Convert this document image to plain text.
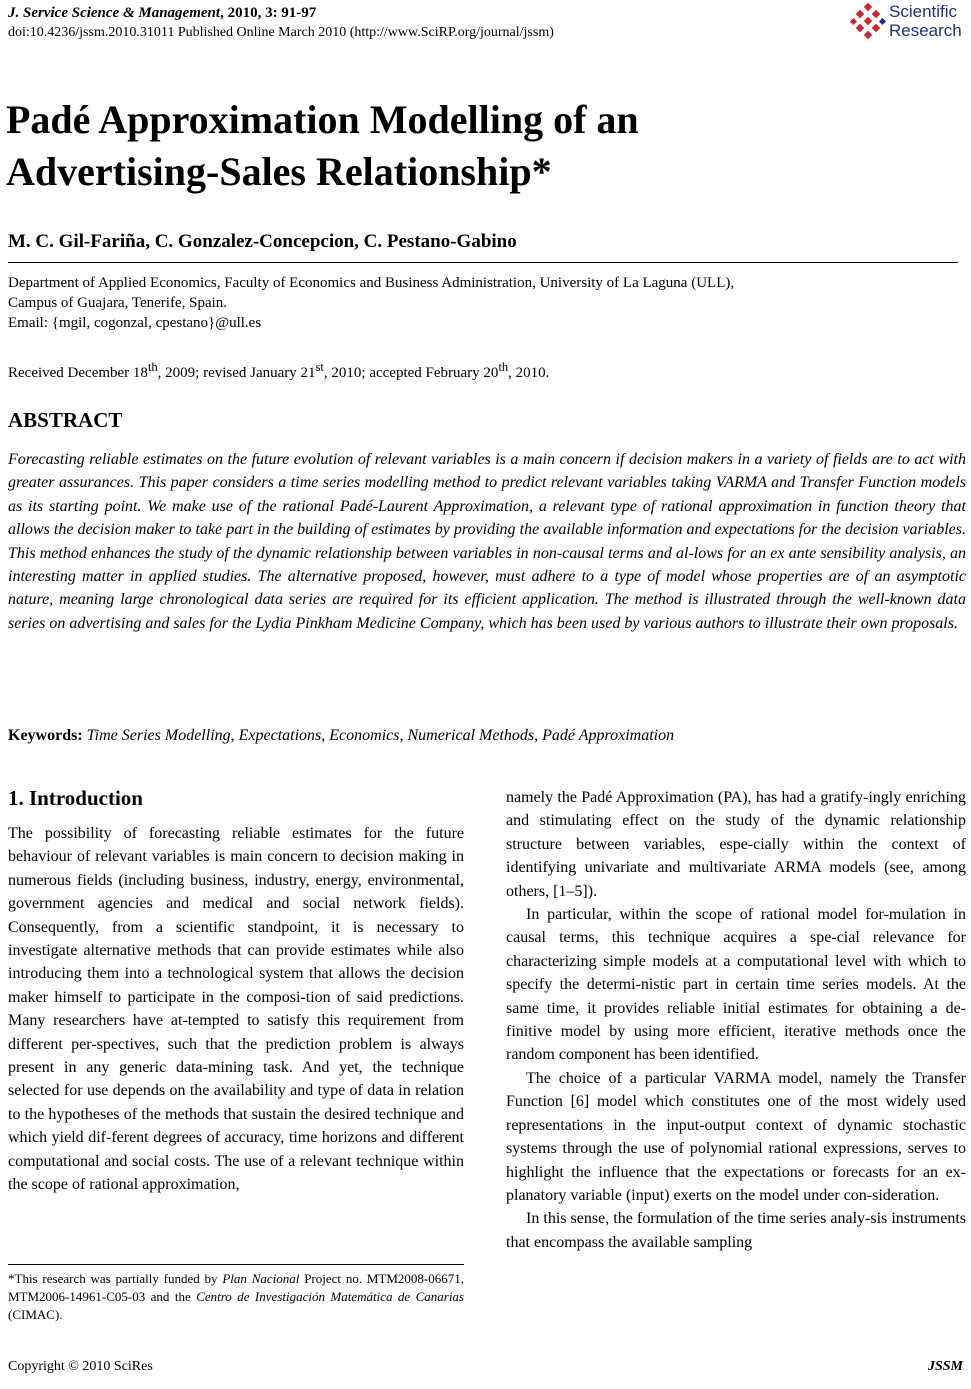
J. Service Science & Management, 2010, 3: 91-97
doi:10.4236/jssm.2010.31011 Published Online March 2010 (http://www.SciRP.org/journal/jssm)
Scientific
Research
Padé Approximation Modelling of an
Advertising-Sales Relationship*
M. C. Gil-Fariña, C. Gonzalez-Concepcion, C. Pestano-Gabino
Department of Applied Economics, Faculty of Economics and Business Administration, University of La Laguna (ULL),
Campus of Guajara, Tenerife, Spain.
Email: {mgil, cogonzal, cpestano}@ull.es
Received December 18th, 2009; revised January 21st, 2010; accepted February 20th, 2010.
ABSTRACT
Forecasting reliable estimates on the future evolution of relevant variables is a main concern if decision makers in a variety of fields are to act with greater assurances. This paper considers a time series modelling method to predict relevant variables taking VARMA and Transfer Function models as its starting point. We make use of the rational Padé-Laurent Approximation, a relevant type of rational approximation in function theory that allows the decision maker to take part in the building of estimates by providing the available information and expectations for the decision variables. This method enhances the study of the dynamic relationship between variables in non-causal terms and al-lows for an ex ante sensibility analysis, an interesting matter in applied studies. The alternative proposed, however, must adhere to a type of model whose properties are of an asymptotic nature, meaning large chronological data series are required for its efficient application. The method is illustrated through the well-known data series on advertising and sales for the Lydia Pinkham Medicine Company, which has been used by various authors to illustrate their own proposals.
Keywords: Time Series Modelling, Expectations, Economics, Numerical Methods, Padé Approximation
1. Introduction

The possibility of forecasting reliable estimates for the future behaviour of relevant variables is main concern to decision making in numerous fields (including business, industry, energy, environmental, government agencies and medical and social network fields). Consequently, from a scientific standpoint, it is necessary to investigate alternative methods that can provide estimates while also introducing them into a technological system that allows the decision maker himself to participate in the composi-tion of said predictions. Many researchers have at-tempted to satisfy this requirement from different per-spectives, such that the prediction problem is always present in any generic data-mining task. And yet, the technique selected for use depends on the availability and type of data in relation to the hypotheses of the methods that sustain the desired technique and which yield dif-ferent degrees of accuracy, time horizons and different computational and social costs. The use of a relevant technique within the scope of rational approximation,

namely the Padé Approximation (PA), has had a gratify-ingly enriching and stimulating effect on the study of the dynamic relationship structure between variables, espe-cially within the context of identifying univariate and multivariate ARMA models (see, among others, [1–5]).

In particular, within the scope of rational model for-mulation in causal terms, this technique acquires a spe-cial relevance for characterizing simple models at a computational level with which to specify the determi-nistic part in certain time series models. At the same time, it provides reliable initial estimates for obtaining a de-finitive model by using more efficient, iterative methods once the random component has been identified.

The choice of a particular VARMA model, namely the Transfer Function [6] model which constitutes one of the most widely used representations in the input-output context of dynamic stochastic systems through the use of polynomial rational expressions, serves to highlight the influence that the expectations or forecasts for an ex-planatory variable (input) exerts on the model under con-sideration.

In this sense, the formulation of the time series analy-sis instruments that encompass the available sampling

*This research was partially funded by Plan Nacional Project no. MTM2008-06671, MTM2006-14961-C05-03 and the Centro de Investigación Matemática de Canarias (CIMAC).
Copyright © 2010 SciRes	JSSM
